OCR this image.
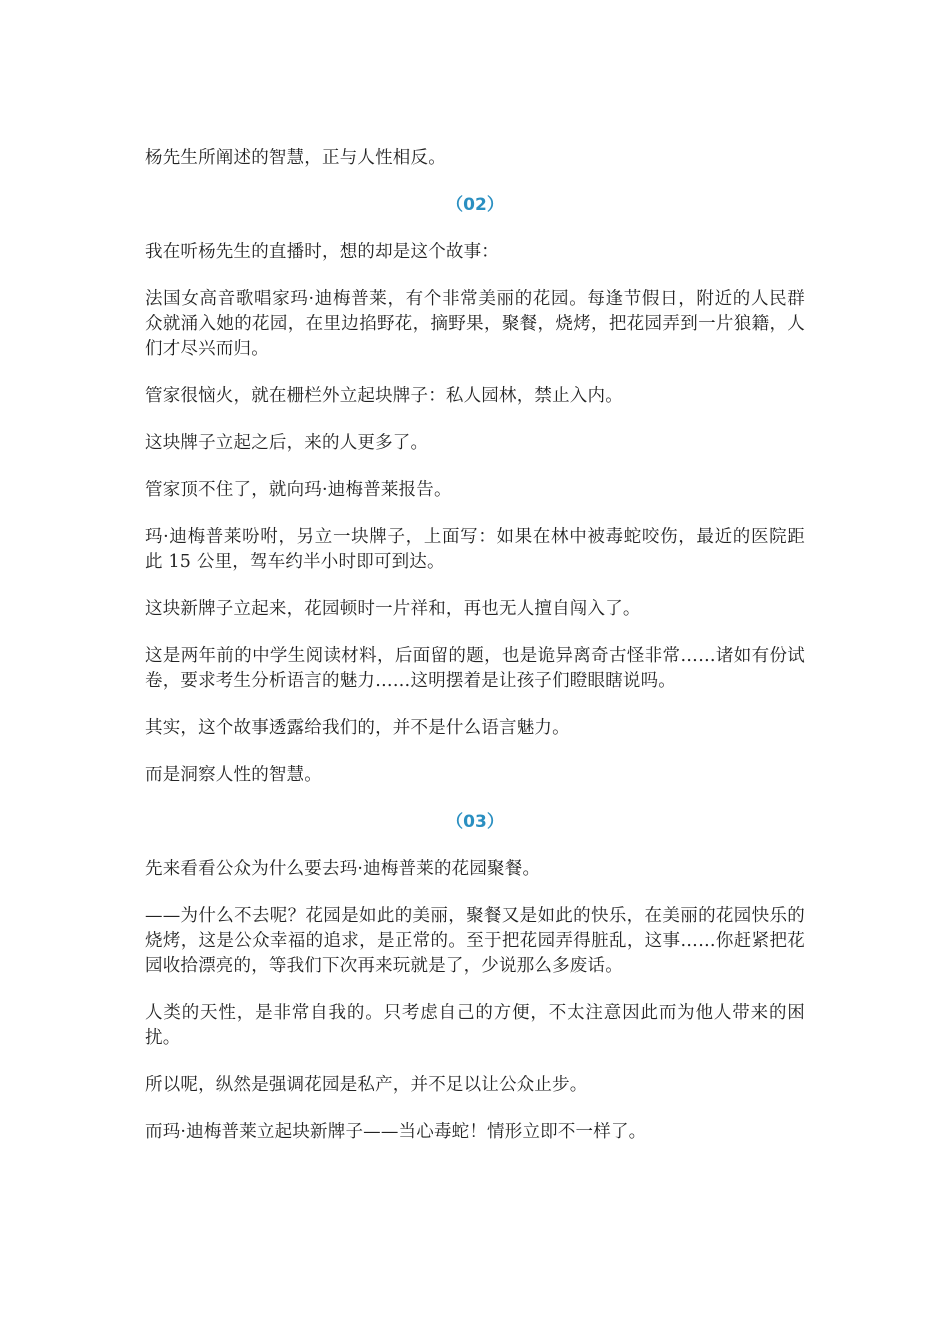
杨先生所阐述的智慧，正与人性相反。

（02）

我在听杨先生的直播时，想的却是这个故事：

法国女高音歌唱家玛·迪梅普莱，有个非常美丽的花园。每逢节假日，附近的人民群众就涌入她的花园，在里边掐野花，摘野果，聚餐，烧烤，把花园弄到一片狼籍，人们才尽兴而归。

管家很恼火，就在栅栏外立起块牌子：私人园林，禁止入内。

这块牌子立起之后，来的人更多了。

管家顶不住了，就向玛·迪梅普莱报告。

玛·迪梅普莱吩咐，另立一块牌子，上面写：如果在林中被毒蛇咬伤，最近的医院距此 15 公里，驾车约半小时即可到达。

这块新牌子立起来，花园顿时一片祥和，再也无人擅自闯入了。

这是两年前的中学生阅读材料，后面留的题，也是诡异离奇古怪非常……诸如有份试卷，要求考生分析语言的魅力……这明摆着是让孩子们瞪眼瞎说吗。

其实，这个故事透露给我们的，并不是什么语言魅力。

而是洞察人性的智慧。

（03）

先来看看公众为什么要去玛·迪梅普莱的花园聚餐。

——为什么不去呢？花园是如此的美丽，聚餐又是如此的快乐，在美丽的花园快乐的烧烤，这是公众幸福的追求，是正常的。至于把花园弄得脏乱，这事……你赶紧把花园收拾漂亮的，等我们下次再来玩就是了，少说那么多废话。

人类的天性，是非常自我的。只考虑自己的方便，不太注意因此而为他人带来的困扰。

所以呢，纵然是强调花园是私产，并不足以让公众止步。

而玛·迪梅普莱立起块新牌子——当心毒蛇！情形立即不一样了。
